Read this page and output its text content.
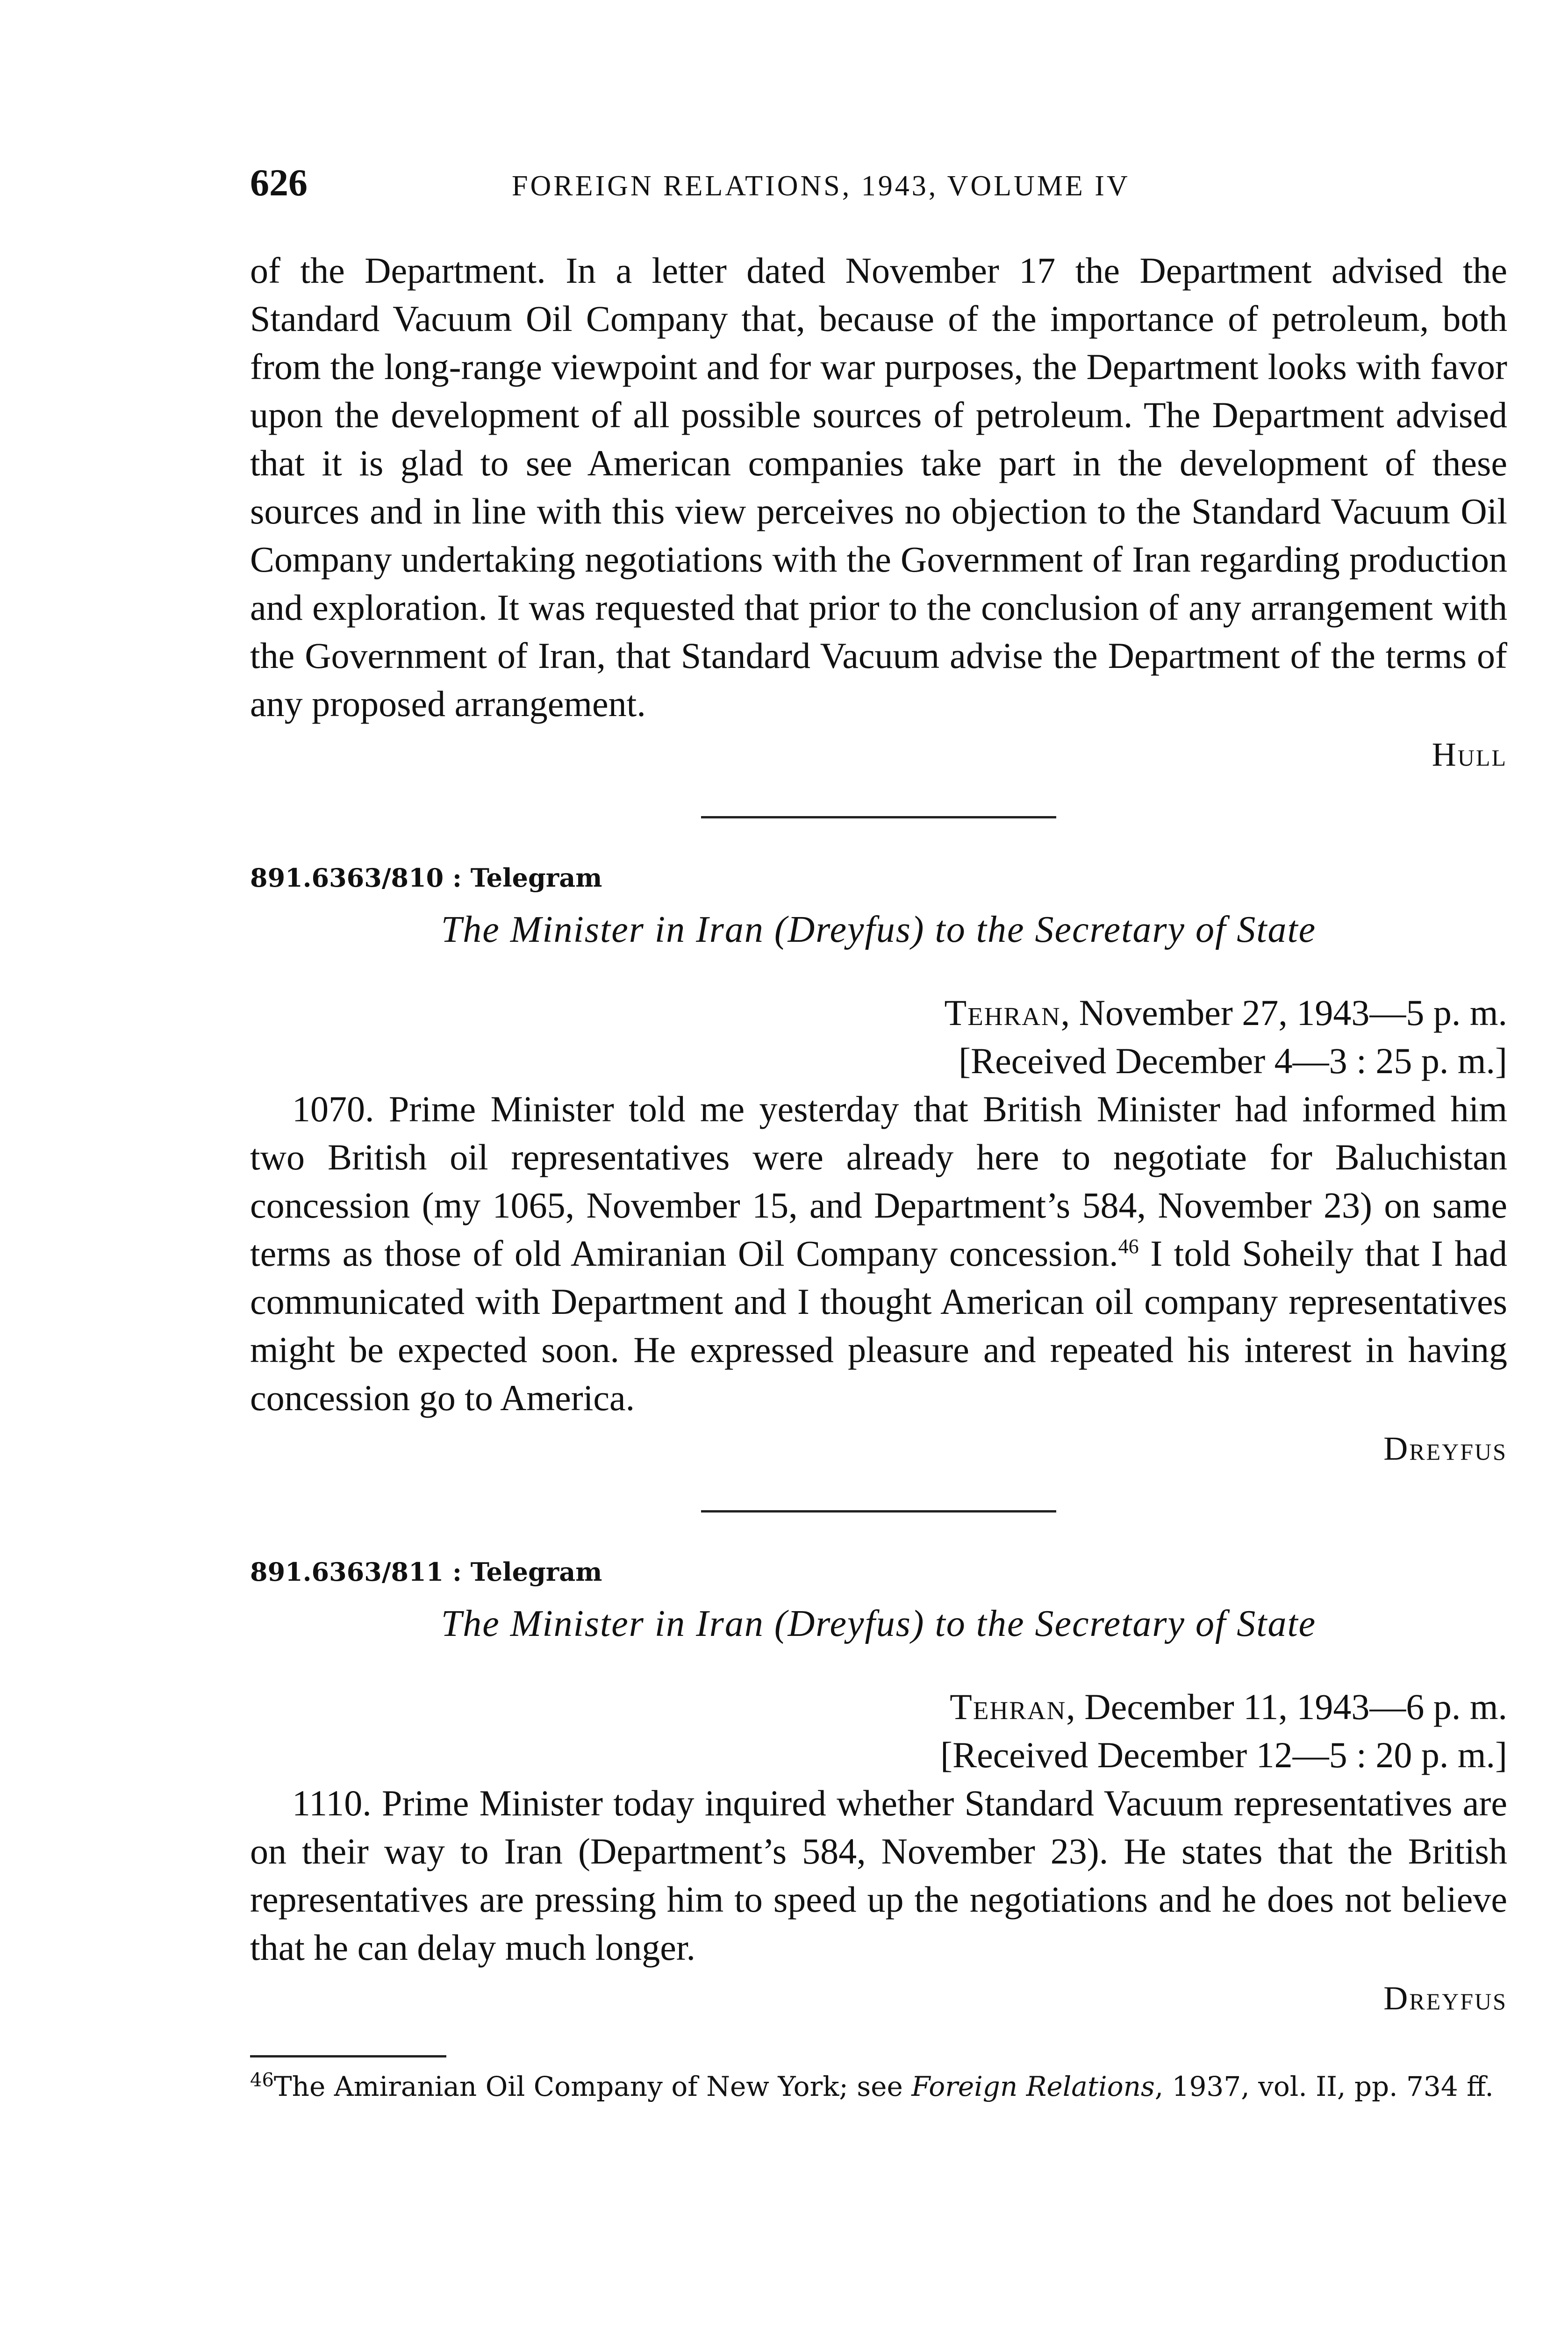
626	FOREIGN RELATIONS, 1943, VOLUME IV

of the Department. In a letter dated November 17 the Department advised the Standard Vacuum Oil Company that, because of the importance of petroleum, both from the long-range viewpoint and for war purposes, the Department looks with favor upon the development of all possible sources of petroleum. The Department advised that it is glad to see American companies take part in the development of these sources and in line with this view perceives no objection to the Standard Vacuum Oil Company undertaking negotiations with the Government of Iran regarding production and exploration. It was requested that prior to the conclusion of any arrangement with the Government of Iran, that Standard Vacuum advise the Department of the terms of any proposed arrangement.

Hull
891.6363/810 : Telegram
The Minister in Iran (Dreyfus) to the Secretary of State
Tehran, November 27, 1943—5 p. m.
[Received December 4—3 : 25 p. m.]

1070. Prime Minister told me yesterday that British Minister had informed him two British oil representatives were already here to negotiate for Baluchistan concession (my 1065, November 15, and Department’s 584, November 23) on same terms as those of old Amiranian Oil Company concession.$^{46}$ I told Soheily that I had communicated with Department and I thought American oil company representatives might be expected soon. He expressed pleasure and repeated his interest in having concession go to America.

Dreyfus
891.6363/811 : Telegram
The Minister in Iran (Dreyfus) to the Secretary of State
Tehran, December 11, 1943—6 p. m.
[Received December 12—5 : 20 p. m.]

1110. Prime Minister today inquired whether Standard Vacuum representatives are on their way to Iran (Department’s 584, November 23). He states that the British representatives are pressing him to speed up the negotiations and he does not believe that he can delay much longer.

Dreyfus
$^{46}$The Amiranian Oil Company of New York; see Foreign Relations, 1937, vol. II, pp. 734 ff.
